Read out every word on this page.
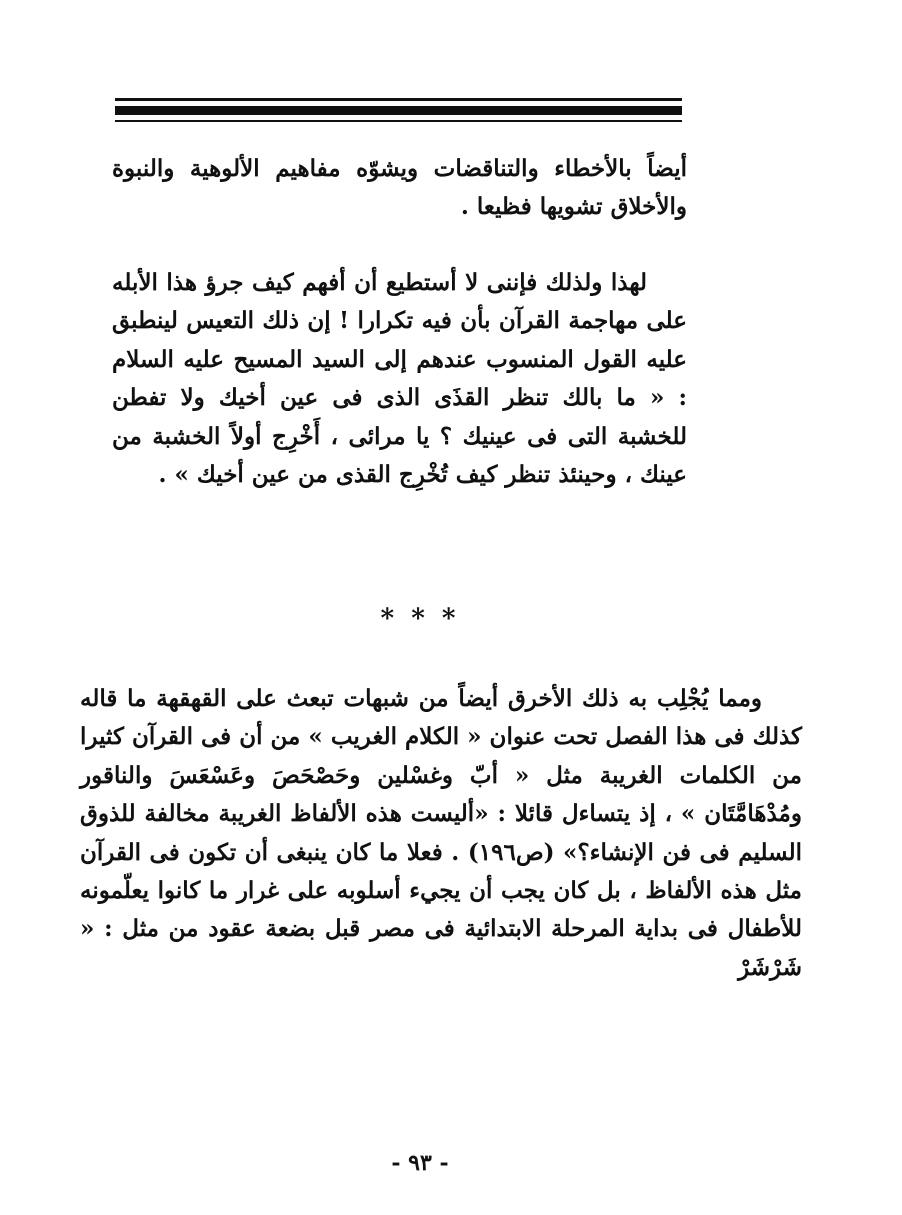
أيضاً بالأخطاء والتناقضات ويشوّه مفاهيم الألوهية والنبوة والأخلاق تشويها فظيعا .

لهذا ولذلك فإننى لا أستطيع أن أفهم كيف جرؤ هذا الأبله على مهاجمة القرآن بأن فيه تكرارا ! إن ذلك التعيس لينطبق عليه القول المنسوب عندهم إلى السيد المسيح عليه السلام : « ما بالك تنظر القذَى الذى فى عين أخيك ولا تفطن للخشبة التى فى عينيك ؟ يا مرائى ، أَخْرِج أولاً الخشبة من عينك ، وحينئذ تنظر كيف تُخْرِج القذى من عين أخيك » .

* * *

ومما يُجْلِب به ذلك الأخرق أيضاً من شبهات تبعث على القهقهة ما قاله كذلك فى هذا الفصل تحت عنوان « الكلام الغريب » من أن فى القرآن كثيرا من الكلمات الغريبة مثل « أبّ وغسْلين وحَصْحَصَ وعَسْعَسَ والناقور ومُدْهَامَّتَان » ، إذ يتساءل قائلا : «أليست هذه الألفاظ الغريبة مخالفة للذوق السليم فى فن الإنشاء؟» (ص١٩٦) . فعلا ما كان ينبغى أن تكون فى القرآن مثل هذه الألفاظ ، بل كان يجب أن يجيء أسلوبه على غرار ما كانوا يعلّمونه للأطفال فى بداية المرحلة الابتدائية فى مصر قبل بضعة عقود من مثل : « شَرْشَرْ

- ٩٣ -
